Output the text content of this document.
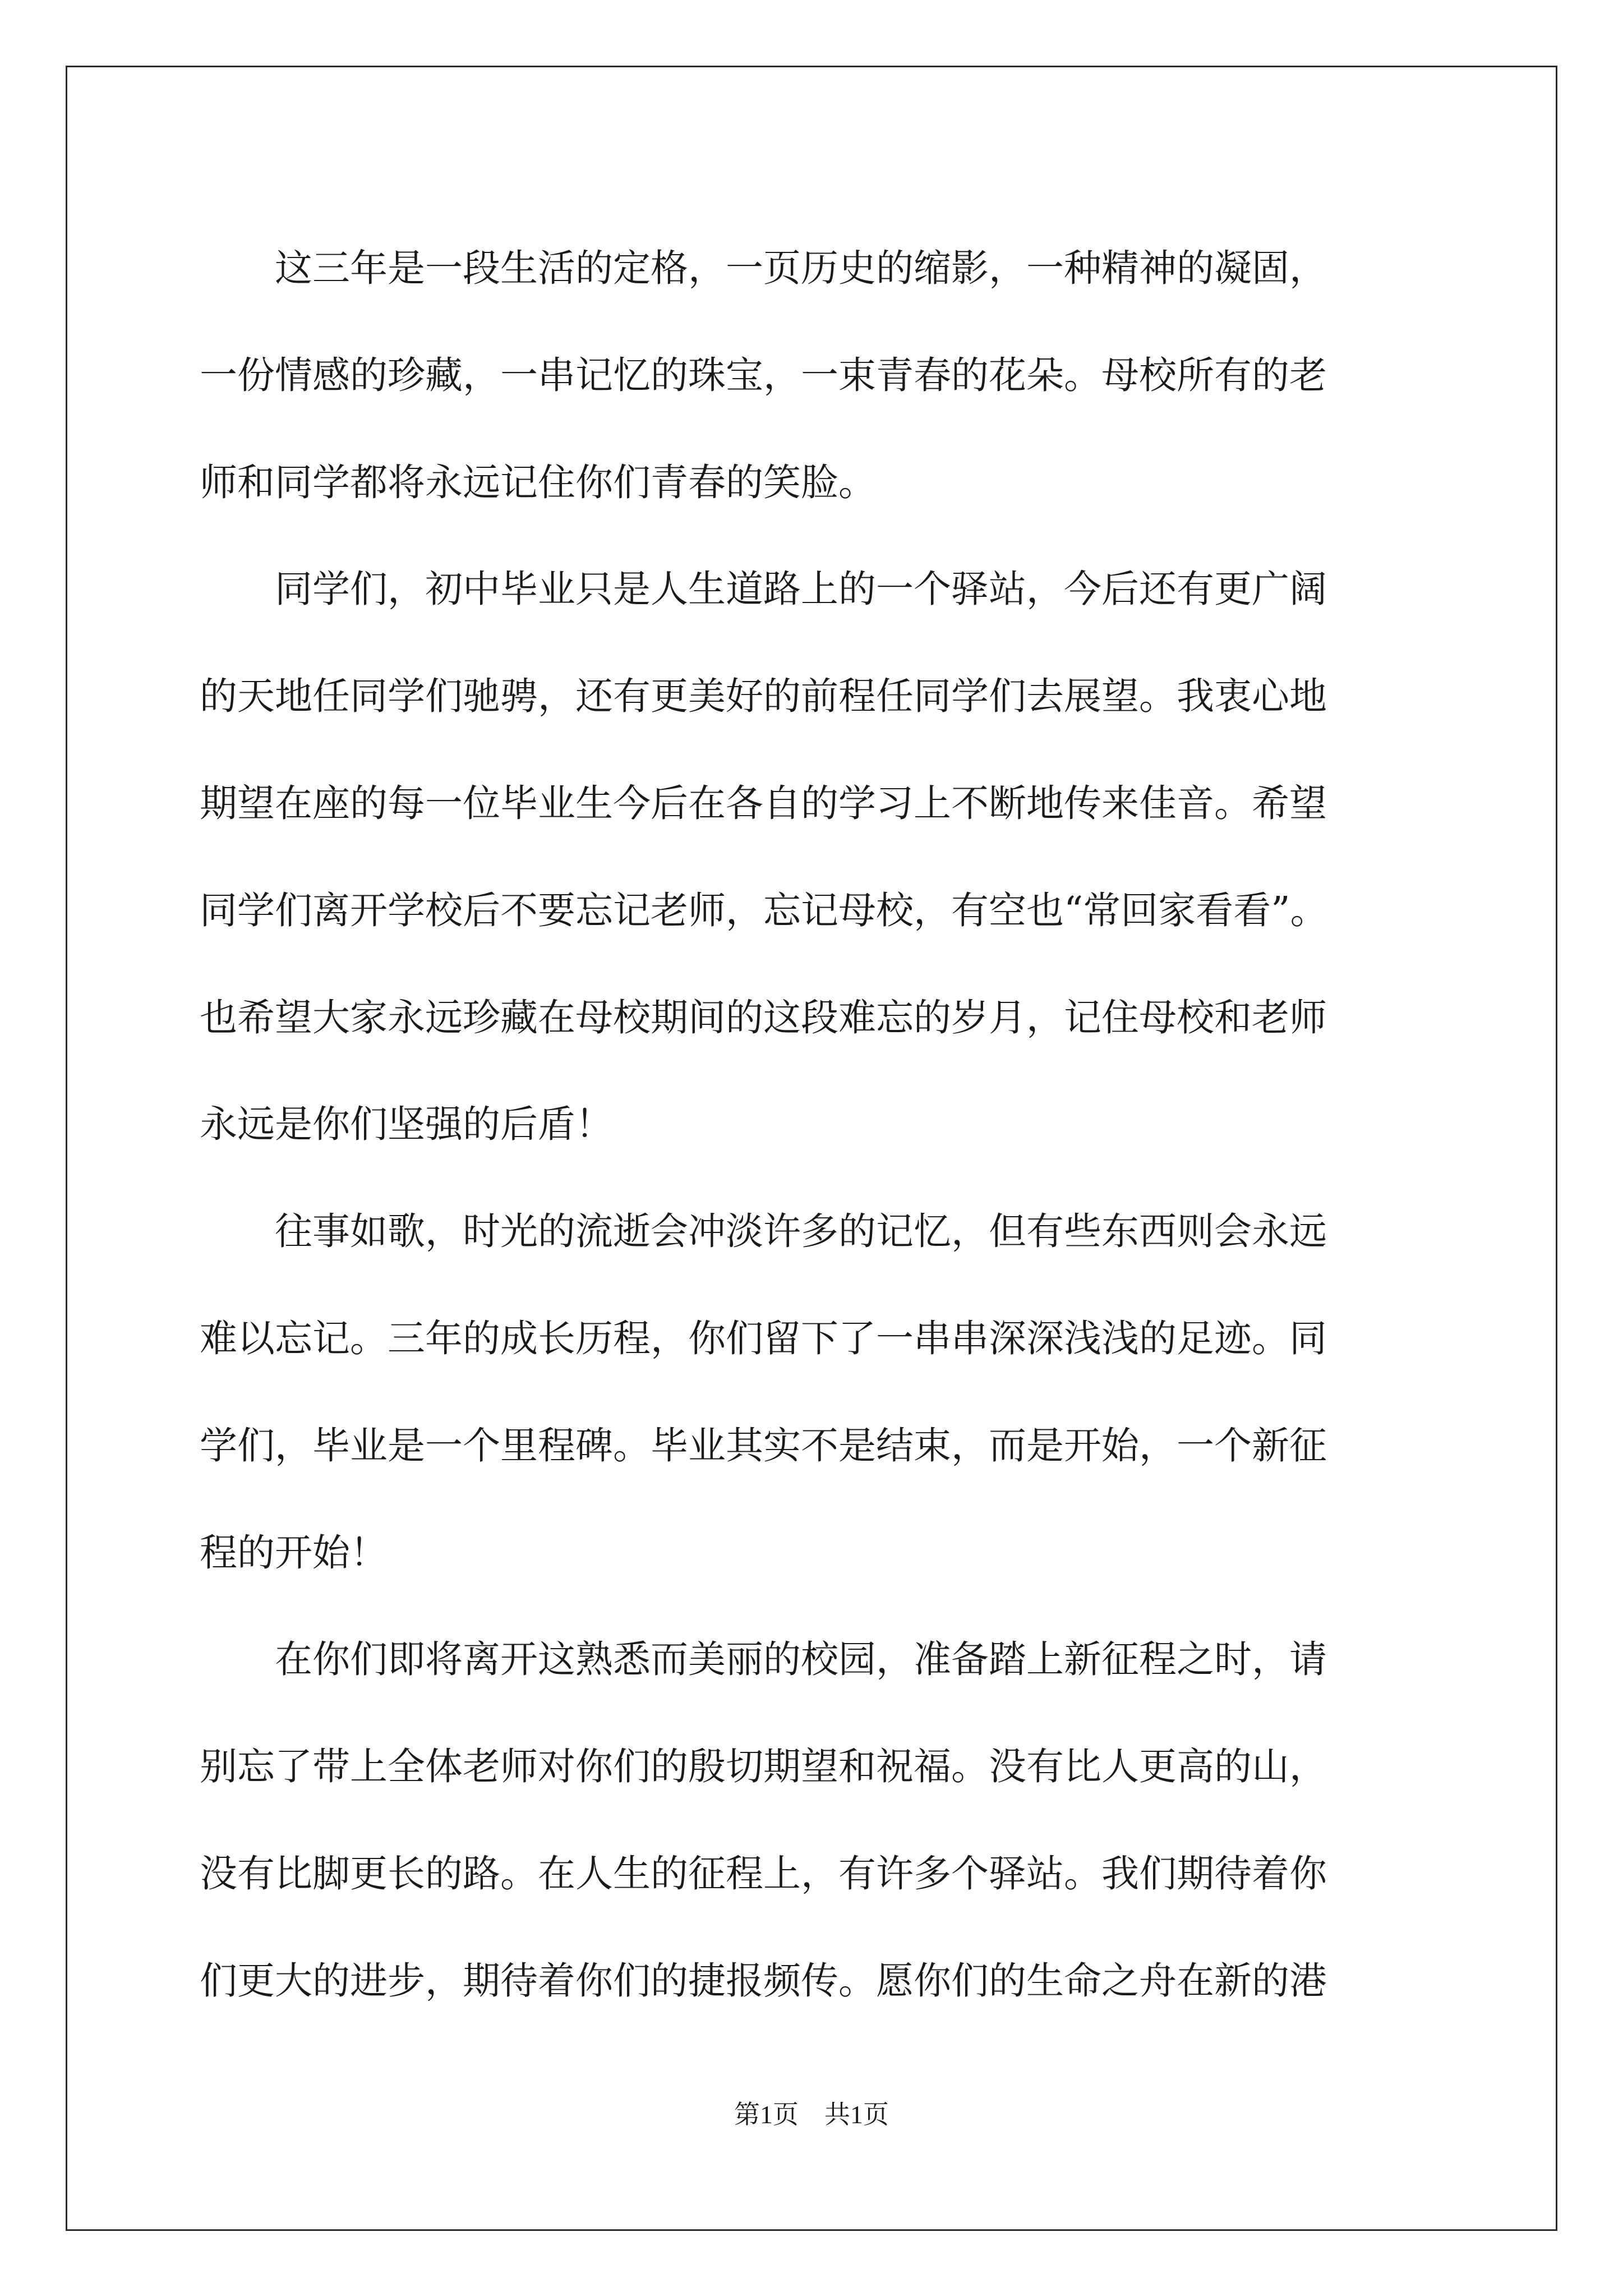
这三年是一段生活的定格，一页历史的缩影，一种精神的凝固，

一份情感的珍藏，一串记忆的珠宝，一束青春的花朵。母校所有的老

师和同学都将永远记住你们青春的笑脸。

同学们，初中毕业只是人生道路上的一个驿站，今后还有更广阔

的天地任同学们驰骋，还有更美好的前程任同学们去展望。我衷心地

期望在座的每一位毕业生今后在各自的学习上不断地传来佳音。希望

同学们离开学校后不要忘记老师，忘记母校，有空也“常回家看看”。

也希望大家永远珍藏在母校期间的这段难忘的岁月，记住母校和老师

永远是你们坚强的后盾！

往事如歌，时光的流逝会冲淡许多的记忆，但有些东西则会永远

难以忘记。三年的成长历程，你们留下了一串串深深浅浅的足迹。同

学们，毕业是一个里程碑。毕业其实不是结束，而是开始，一个新征

程的开始！

在你们即将离开这熟悉而美丽的校园，准备踏上新征程之时，请

别忘了带上全体老师对你们的殷切期望和祝福。没有比人更高的山，

没有比脚更长的路。在人生的征程上，有许多个驿站。我们期待着你

们更大的进步，期待着你们的捷报频传。愿你们的生命之舟在新的港

第1页 共1页
